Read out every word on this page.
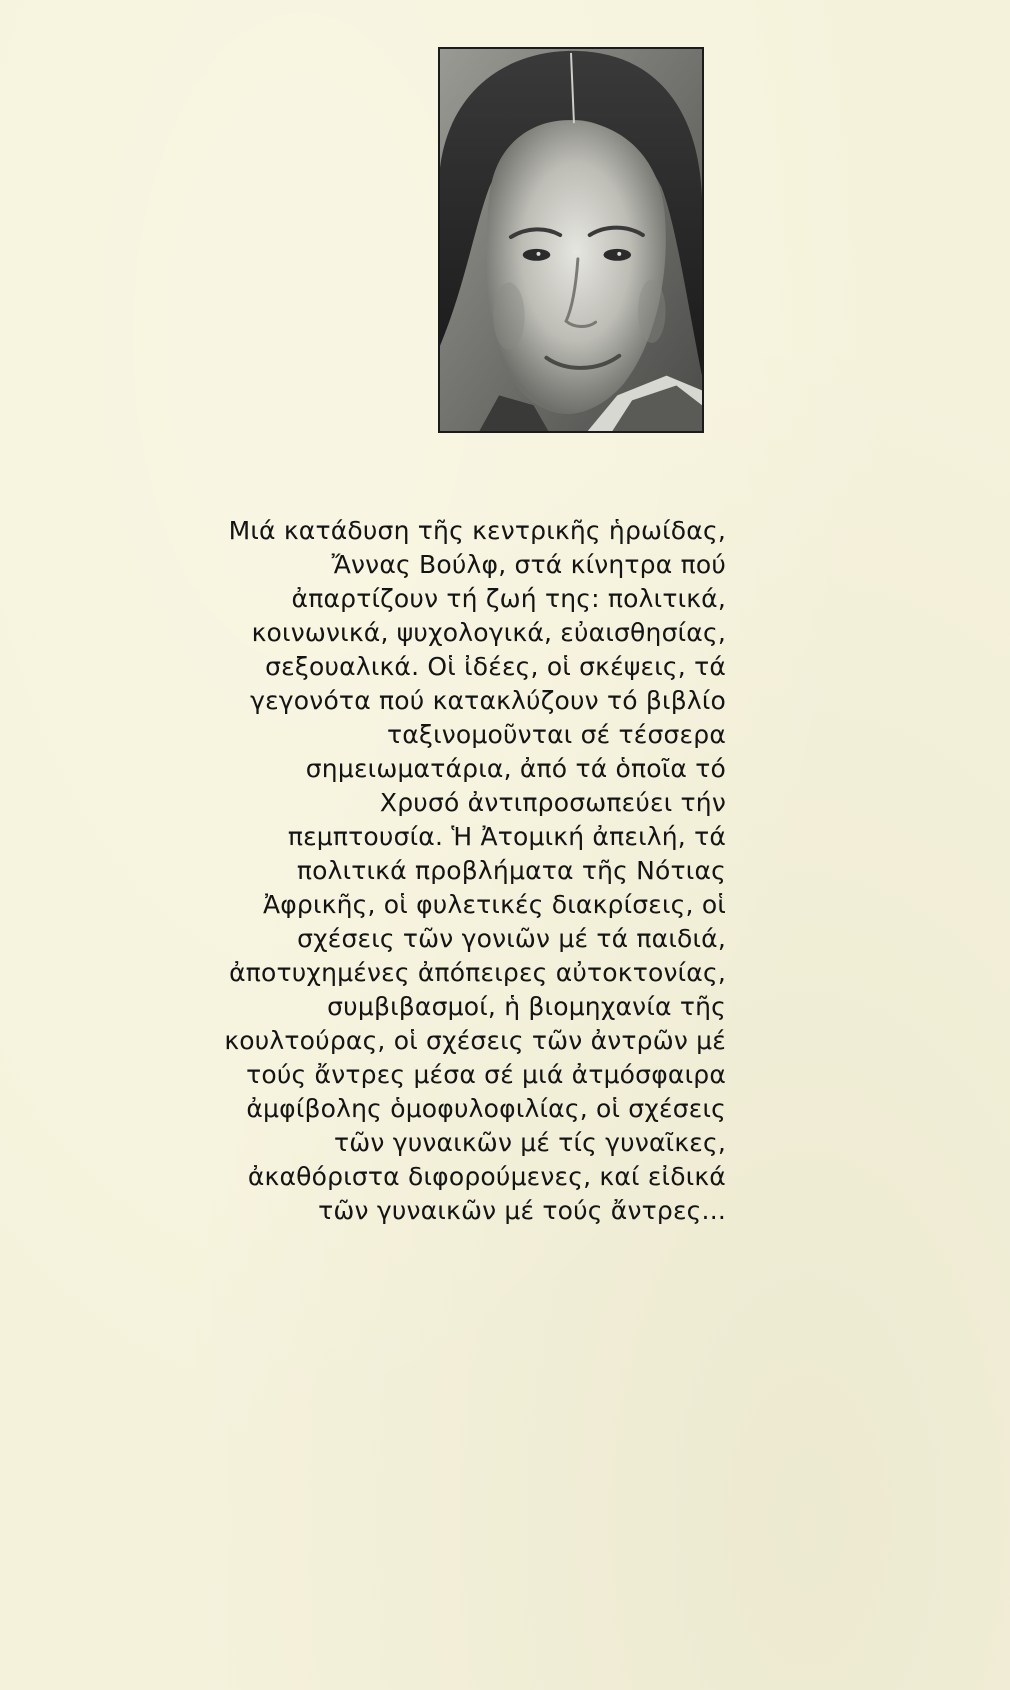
Μιά κατάδυση τῆς κεντρικῆς ἡρωίδας,
Ἄννας Βούλφ, στά κίνητρα πού
ἀπαρτίζουν τή ζωή της: πολιτικά,
κοινωνικά, ψυχολογικά, εὐαισθησίας,
σεξουαλικά. Οἱ ἰδέες, οἱ σκέψεις, τά
γεγονότα πού κατακλύζουν τό βιβλίο
ταξινομοῦνται σέ τέσσερα
σημειωματάρια, ἀπό τά ὁποῖα τό
Χρυσό ἀντιπροσωπεύει τήν
πεμπτουσία. Ἡ Ἀτομική ἀπειλή, τά
πολιτικά προβλήματα τῆς Νότιας
Ἀφρικῆς, οἱ φυλετικές διακρίσεις, οἱ
σχέσεις τῶν γονιῶν μέ τά παιδιά,
ἀποτυχημένες ἀπόπειρες αὐτοκτονίας,
συμβιβασμοί, ἡ βιομηχανία τῆς
κουλτούρας, οἱ σχέσεις τῶν ἀντρῶν μέ
τούς ἄντρες μέσα σέ μιά ἀτμόσφαιρα
ἀμφίβολης ὁμοφυλοφιλίας, οἱ σχέσεις
τῶν γυναικῶν μέ τίς γυναῖκες,
ἀκαθόριστα διφορούμενες, καί εἰδικά
τῶν γυναικῶν μέ τούς ἄντρες...
